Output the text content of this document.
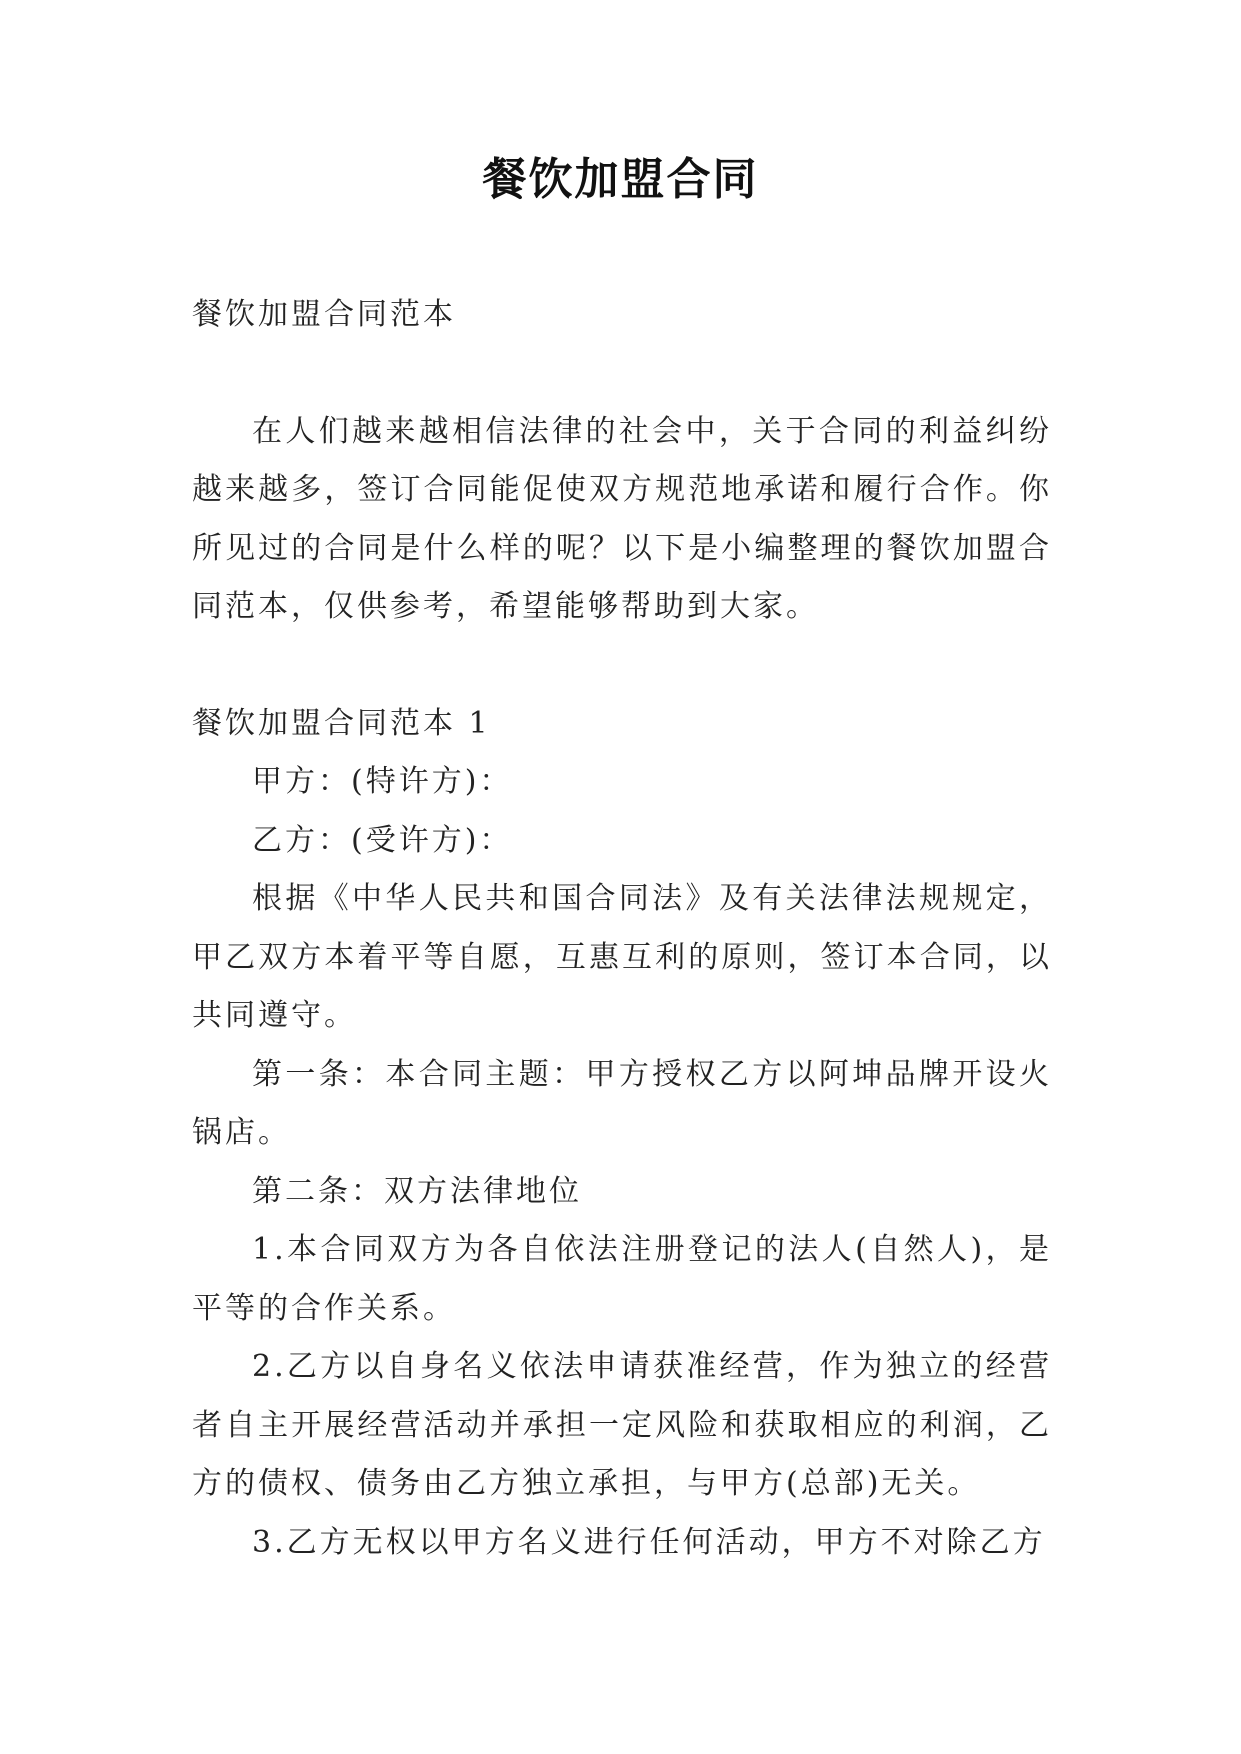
餐饮加盟合同

餐饮加盟合同范本

在人们越来越相信法律的社会中，关于合同的利益纠纷越来越多，签订合同能促使双方规范地承诺和履行合作。你所见过的合同是什么样的呢？以下是小编整理的餐饮加盟合同范本，仅供参考，希望能够帮助到大家。

餐饮加盟合同范本 1

甲方：(特许方)：

乙方：(受许方)：

根据《中华人民共和国合同法》及有关法律法规规定，甲乙双方本着平等自愿，互惠互利的原则，签订本合同，以共同遵守。

第一条：本合同主题：甲方授权乙方以阿坤品牌开设火锅店。

第二条：双方法律地位

1.本合同双方为各自依法注册登记的法人(自然人)，是平等的合作关系。

2.乙方以自身名义依法申请获准经营，作为独立的经营者自主开展经营活动并承担一定风险和获取相应的利润，乙方的债权、债务由乙方独立承担，与甲方(总部)无关。

3.乙方无权以甲方名义进行任何活动，甲方不对除乙方
